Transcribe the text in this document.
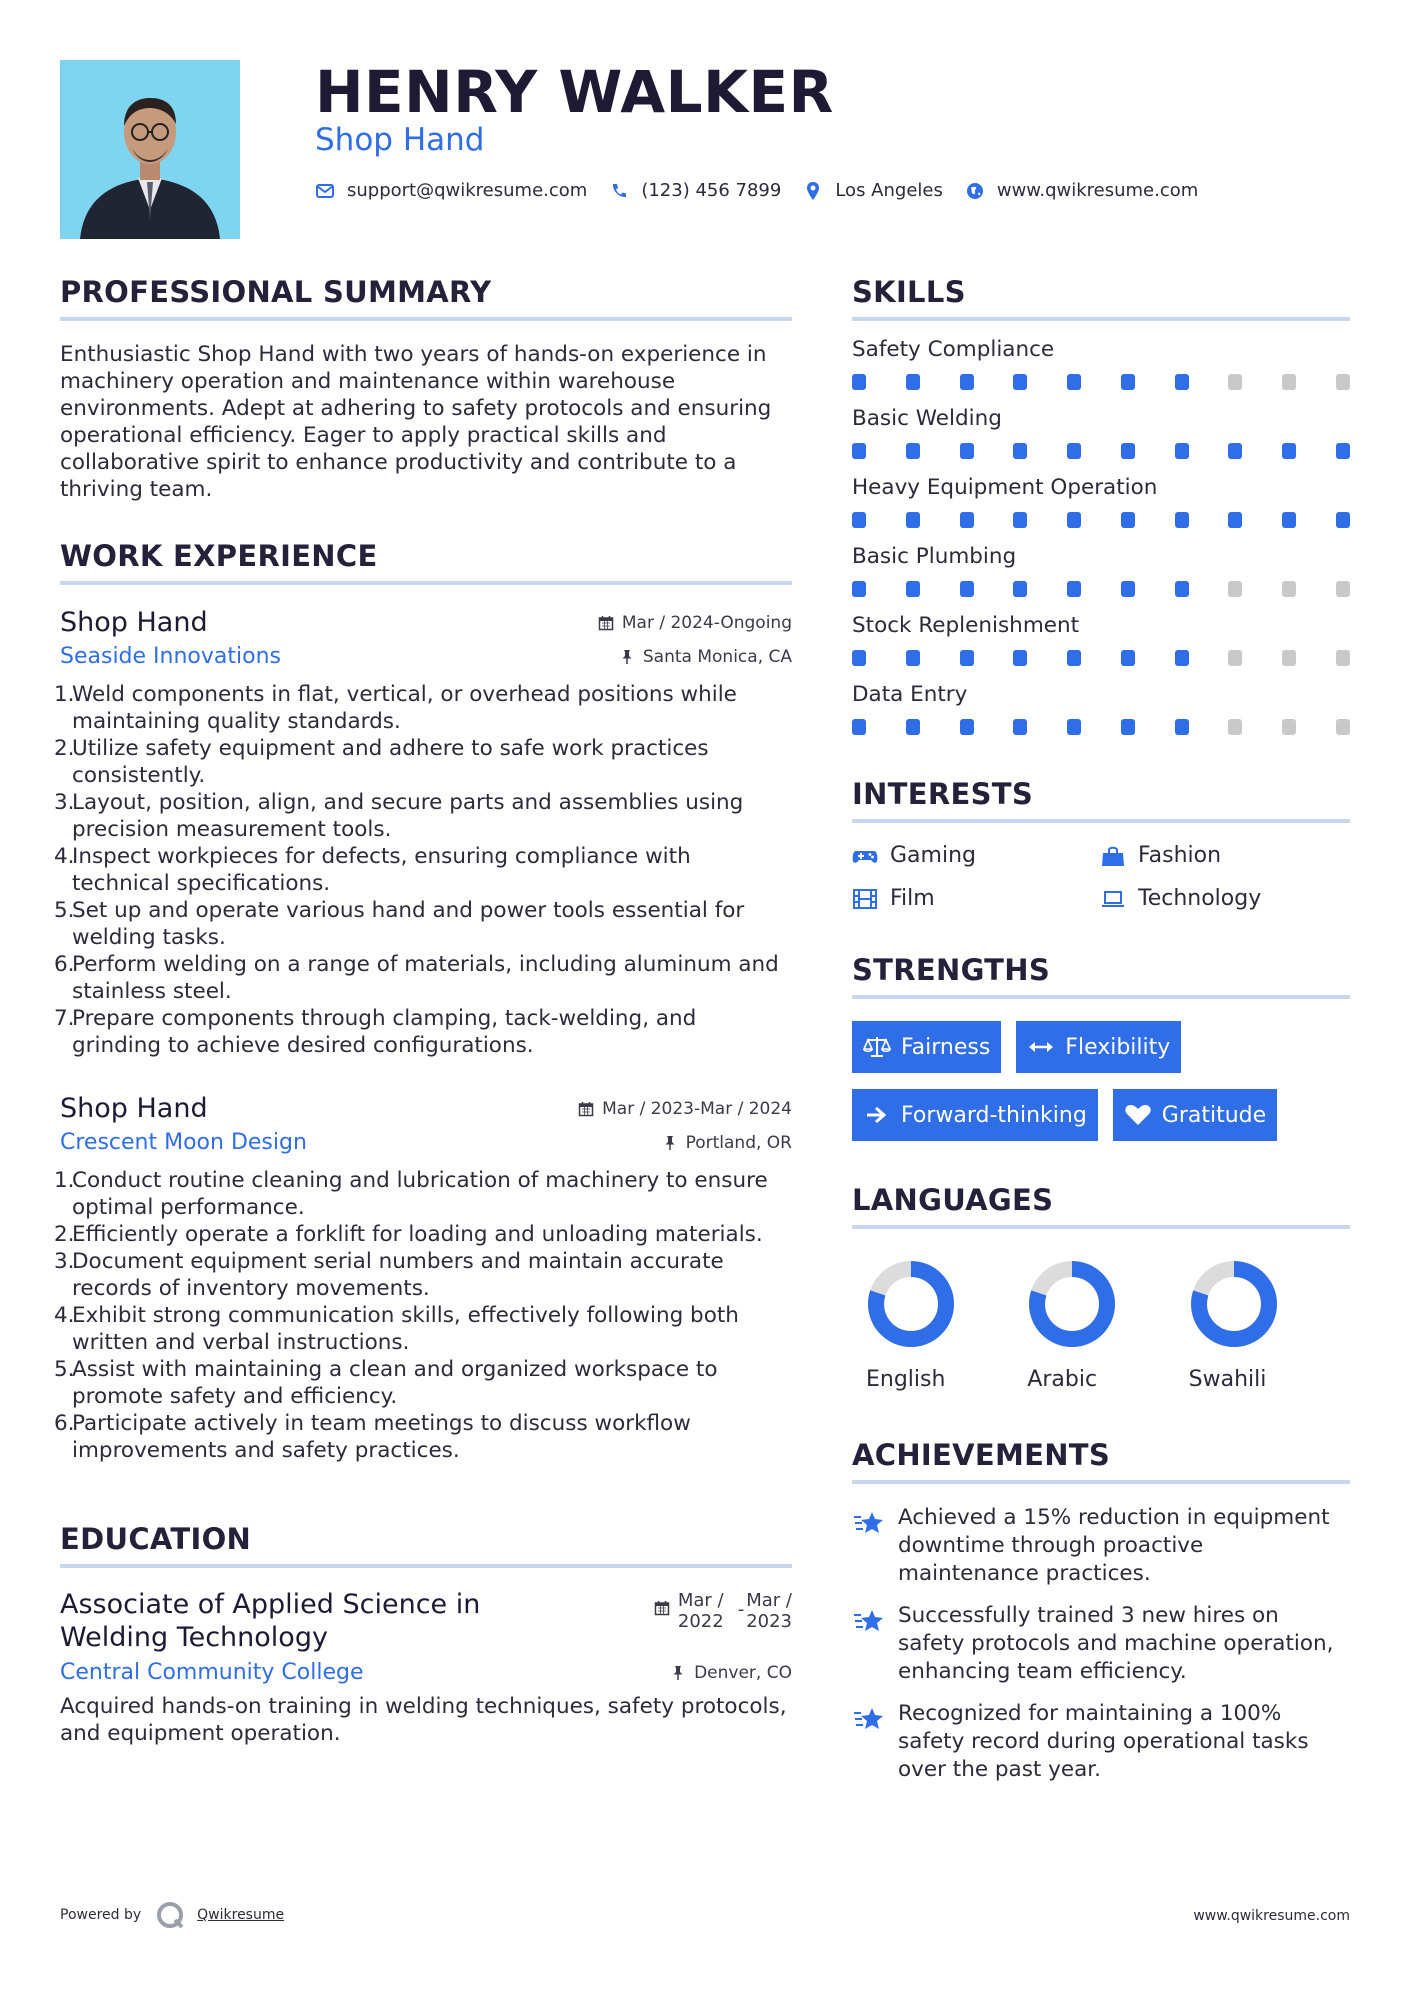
HENRY WALKER
Shop Hand
support@qwikresume.com	(123) 456 7899	Los Angeles	www.qwikresume.com
PROFESSIONAL SUMMARY
Enthusiastic Shop Hand with two years of hands-on experience in machinery operation and maintenance within warehouse environments. Adept at adhering to safety protocols and ensuring operational efficiency. Eager to apply practical skills and collaborative spirit to enhance productivity and contribute to a thriving team.
WORK EXPERIENCE
Shop Hand	Mar / 2024-Ongoing
Seaside Innovations	Santa Monica, CA
1.
Weld components in flat, vertical, or overhead positions while maintaining quality standards.
2.
Utilize safety equipment and adhere to safe work practices consistently.
3.
Layout, position, align, and secure parts and assemblies using precision measurement tools.
4.
Inspect workpieces for defects, ensuring compliance with technical specifications.
5.
Set up and operate various hand and power tools essential for welding tasks.
6.
Perform welding on a range of materials, including aluminum and stainless steel.
7.
Prepare components through clamping, tack-welding, and grinding to achieve desired configurations.
Shop Hand	Mar / 2023-Mar / 2024
Crescent Moon Design	Portland, OR
1.
Conduct routine cleaning and lubrication of machinery to ensure optimal performance.
2.
Efficiently operate a forklift for loading and unloading materials.
3.
Document equipment serial numbers and maintain accurate records of inventory movements.
4.
Exhibit strong communication skills, effectively following both written and verbal instructions.
5.
Assist with maintaining a clean and organized workspace to promote safety and efficiency.
6.
Participate actively in team meetings to discuss workflow improvements and safety practices.
EDUCATION
Associate of Applied Science in
Welding Technology
Mar /
2022
- Mar /
2023
Central Community College	Denver, CO
Acquired hands-on training in welding techniques, safety protocols, and equipment operation.
SKILLS
Safety Compliance
Basic Welding
Heavy Equipment Operation
Basic Plumbing
Stock Replenishment
Data Entry
INTERESTS
Gaming	Fashion
Film	Technology
STRENGTHS
Fairness	Flexibility
Forward-thinking	Gratitude
LANGUAGES
English	Arabic	Swahili
ACHIEVEMENTS
Achieved a 15% reduction in equipment downtime through proactive maintenance practices.
Successfully trained 3 new hires on safety protocols and machine operation, enhancing team efficiency.
Recognized for maintaining a 100% safety record during operational tasks over the past year.
Powered by	Qwikresume	www.qwikresume.com
